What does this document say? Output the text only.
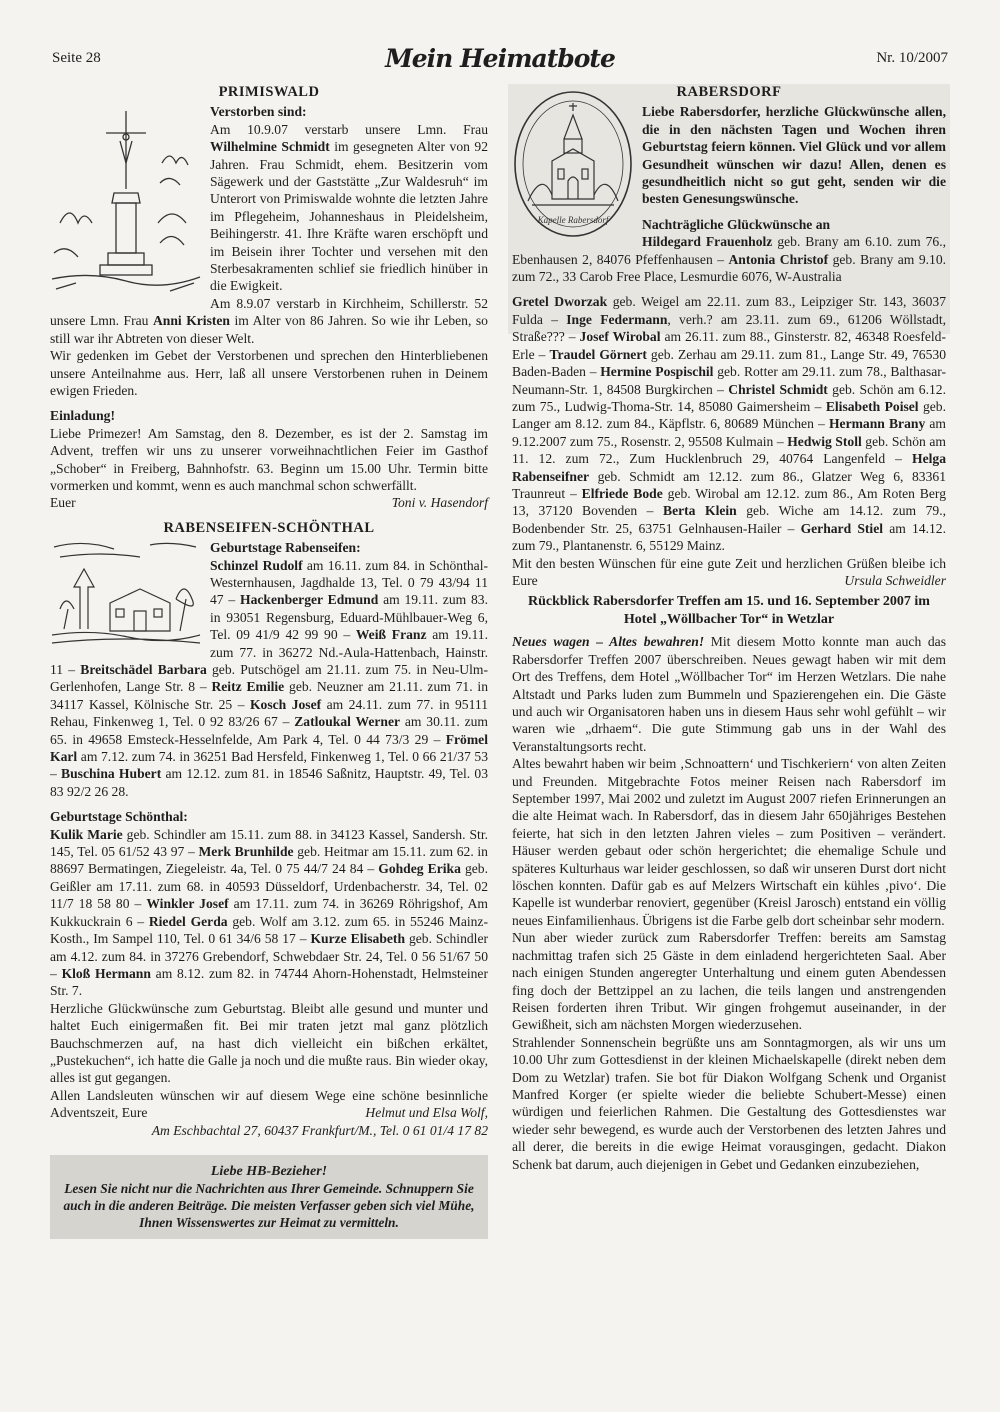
Seite 28	Mein Heimatbote	Nr. 10/2007
PRIMISWALD

Verstorben sind:

Am 10.9.07 verstarb unsere Lmn. Frau Wilhelmine Schmidt im gesegneten Alter von 92 Jahren. Frau Schmidt, ehem. Besitzerin vom Sägewerk und der Gaststätte „Zur Waldesruh“ im Unterort von Primiswalde wohnte die letzten Jahre im Pflegeheim, Johanneshaus in Pleidelsheim, Beihingerstr. 41. Ihre Kräfte waren erschöpft und im Beisein ihrer Tochter und versehen mit den Sterbesakramenten schlief sie friedlich hinüber in die Ewigkeit.

Am 8.9.07 verstarb in Kirchheim, Schillerstr. 52 unsere Lmn. Frau Anni Kristen im Alter von 86 Jahren. So wie ihr Leben, so still war ihr Abtreten von dieser Welt.

Wir gedenken im Gebet der Verstorbenen und sprechen den Hinterbliebenen unsere Anteilnahme aus. Herr, laß all unsere Verstorbenen ruhen in Deinem ewigen Frieden.

Einladung!

Liebe Primezer! Am Samstag, den 8. Dezember, es ist der 2. Samstag im Advent, treffen wir uns zu unserer vorweihnachtlichen Feier im Gasthof „Schober“ in Freiberg, Bahnhofstr. 63. Beginn um 15.00 Uhr. Termin bitte vormerken und kommt, wenn es auch manchmal schon schwerfällt.

Euer	Toni v. Hasendorf

RABENSEIFEN-SCHÖNTHAL

Geburtstage Rabenseifen:

Schinzel Rudolf am 16.11. zum 84. in Schönthal-Westernhausen, Jagdhalde 13, Tel. 0 79 43/94 11 47 – Hackenberger Edmund am 19.11. zum 83. in 93051 Regensburg, Eduard-Mühlbauer-Weg 6, Tel. 09 41/9 42 99 90 – Weiß Franz am 19.11. zum 77. in 36272 Nd.-Aula-Hattenbach, Hainstr. 11 – Breitschädel Barbara geb. Putschögel am 21.11. zum 75. in Neu-Ulm-Gerlenhofen, Lange Str. 8 – Reitz Emilie geb. Neuzner am 21.11. zum 71. in 34117 Kassel, Kölnische Str. 25 – Kosch Josef am 24.11. zum 77. in 95111 Rehau, Finkenweg 1, Tel. 0 92 83/26 67 – Zatloukal Werner am 30.11. zum 65. in 49658 Emsteck-Hesselnfelde, Am Park 4, Tel. 0 44 73/3 29 – Frömel Karl am 7.12. zum 74. in 36251 Bad Hersfeld, Finkenweg 1, Tel. 0 66 21/37 53 – Buschina Hubert am 12.12. zum 81. in 18546 Saßnitz, Hauptstr. 49, Tel. 03 83 92/2 26 28.

Geburtstage Schönthal:

Kulik Marie geb. Schindler am 15.11. zum 88. in 34123 Kassel, Sandersh. Str. 145, Tel. 05 61/52 43 97 – Merk Brunhilde geb. Heitmar am 15.11. zum 62. in 88697 Bermatingen, Ziegeleistr. 4a, Tel. 0 75 44/7 24 84 – Gohdeg Erika geb. Geißler am 17.11. zum 68. in 40593 Düsseldorf, Urdenbacherstr. 34, Tel. 02 11/7 18 58 80 – Winkler Josef am 17.11. zum 74. in 36269 Röhrigshof, Am Kukkuckrain 6 – Riedel Gerda geb. Wolf am 3.12. zum 65. in 55246 Mainz-Kosth., Im Sampel 110, Tel. 0 61 34/6 58 17 – Kurze Elisabeth geb. Schindler am 4.12. zum 84. in 37276 Grebendorf, Schwebdaer Str. 24, Tel. 0 56 51/67 50 – Kloß Hermann am 8.12. zum 82. in 74744 Ahorn-Hohenstadt, Helmsteiner Str. 7.

Herzliche Glückwünsche zum Geburtstag. Bleibt alle gesund und munter und haltet Euch einigermaßen fit. Bei mir traten jetzt mal ganz plötzlich Bauchschmerzen auf, na hast dich vielleicht ein bißchen erkältet, „Pustekuchen“, ich hatte die Galle ja noch und die mußte raus. Bin wieder okay, alles ist gut gegangen.

Allen Landsleuten wünschen wir auf diesem Wege eine schöne besinnliche Adventszeit, Eure	Helmut und Elsa Wolf,

Am Eschbachtal 27, 60437 Frankfurt/M., Tel. 0 61 01/4 17 82

Liebe HB-Bezieher!
Lesen Sie nicht nur die Nachrichten aus Ihrer Gemeinde. Schnuppern Sie auch in die anderen Beiträge. Die meisten Verfasser geben sich viel Mühe, Ihnen Wissenswertes zur Heimat zu vermitteln.
RABERSDORF
Kapelle Rabersdorf

Liebe Rabersdorfer, herzliche Glückwünsche allen, die in den nächsten Tagen und Wochen ihren Geburtstag feiern können. Viel Glück und vor allem Gesundheit wünschen wir dazu! Allen, denen es gesundheitlich nicht so gut geht, senden wir die besten Genesungswünsche.

Nachträgliche Glückwünsche an

Hildegard Frauenholz geb. Brany am 6.10. zum 76., Ebenhausen 2, 84076 Pfeffenhausen – Antonia Christof geb. Brany am 9.10. zum 72., 33 Carob Free Place, Lesmurdie 6076, W-Australia

Gretel Dworzak geb. Weigel am 22.11. zum 83., Leipziger Str. 143, 36037 Fulda – Inge Federmann, verh.? am 23.11. zum 69., 61206 Wöllstadt, Straße??? – Josef Wirobal am 26.11. zum 88., Ginsterstr. 82, 46348 Roesfeld-Erle – Traudel Görnert geb. Zerhau am 29.11. zum 81., Lange Str. 49, 76530 Baden-Baden – Hermine Pospischil geb. Rotter am 29.11. zum 78., Balthasar-Neumann-Str. 1, 84508 Burgkirchen – Christel Schmidt geb. Schön am 6.12. zum 75., Ludwig-Thoma-Str. 14, 85080 Gaimersheim – Elisabeth Poisel geb. Langer am 8.12. zum 84., Käpflstr. 6, 80689 München – Hermann Brany am 9.12.2007 zum 75., Rosenstr. 2, 95508 Kulmain – Hedwig Stoll geb. Schön am 11. 12. zum 72., Zum Hucklenbruch 29, 40764 Langenfeld – Helga Rabenseifner geb. Schmidt am 12.12. zum 86., Glatzer Weg 6, 83361 Traunreut – Elfriede Bode geb. Wirobal am 12.12. zum 86., Am Roten Berg 13, 37120 Bovenden – Berta Klein geb. Wiche am 14.12. zum 79., Bodenbender Str. 25, 63751 Gelnhausen-Hailer – Gerhard Stiel am 14.12. zum 79., Plantanenstr. 6, 55129 Mainz.

Mit den besten Wünschen für eine gute Zeit und herzlichen Grüßen bleibe ich Eure	Ursula Schweidler

Rückblick Rabersdorfer Treffen am 15. und 16. September 2007 im Hotel „Wöllbacher Tor“ in Wetzlar

Neues wagen – Altes bewahren! Mit diesem Motto konnte man auch das Rabersdorfer Treffen 2007 überschreiben. Neues gewagt haben wir mit dem Ort des Treffens, dem Hotel „Wöllbacher Tor“ im Herzen Wetzlars. Die nahe Altstadt und Parks luden zum Bummeln und Spazierengehen ein. Die Gäste und auch wir Organisatoren haben uns in diesem Haus sehr wohl gefühlt – wir waren wie „drhaem“. Die gute Stimmung gab uns in der Wahl des Veranstaltungsorts recht.

Altes bewahrt haben wir beim ‚Schnoattern‘ und Tischkeriern‘ von alten Zeiten und Freunden. Mitgebrachte Fotos meiner Reisen nach Rabersdorf im September 1997, Mai 2002 und zuletzt im August 2007 riefen Erinnerungen an die alte Heimat wach. In Rabersdorf, das in diesem Jahr 650jähriges Bestehen feierte, hat sich in den letzten Jahren vieles – zum Positiven – verändert. Häuser werden gebaut oder schön hergerichtet; die ehemalige Schule und späteres Kulturhaus war leider geschlossen, so daß wir unseren Durst dort nicht löschen konnten. Dafür gab es auf Melzers Wirtschaft ein kühles ‚pivo‘. Die Kapelle ist wunderbar renoviert, gegenüber (Kreisl Jarosch) entstand ein völlig neues Einfamilienhaus. Übrigens ist die Farbe gelb dort scheinbar sehr modern.

Nun aber wieder zurück zum Rabersdorfer Treffen: bereits am Samstag nachmittag trafen sich 25 Gäste in dem einladend hergerichteten Saal. Aber nach einigen Stunden angeregter Unterhaltung und einem guten Abendessen fing doch der Bettzippel an zu lachen, die teils langen und anstrengenden Reisen forderten ihren Tribut. Wir gingen frohgemut auseinander, in der Gewißheit, sich am nächsten Morgen wiederzusehen.

Strahlender Sonnenschein begrüßte uns am Sonntagmorgen, als wir uns um 10.00 Uhr zum Gottesdienst in der kleinen Michaelskapelle (direkt neben dem Dom zu Wetzlar) trafen. Sie bot für Diakon Wolfgang Schenk und Organist Manfred Korger (er spielte wieder die beliebte Schubert-Messe) einen würdigen und feierlichen Rahmen. Die Gestaltung des Gottesdienstes war wieder sehr bewegend, es wurde auch der Verstorbenen des letzten Jahres und all derer, die bereits in die ewige Heimat vorausgingen, gedacht. Diakon Schenk bat darum, auch diejenigen in Gebet und Gedanken einzubeziehen,
